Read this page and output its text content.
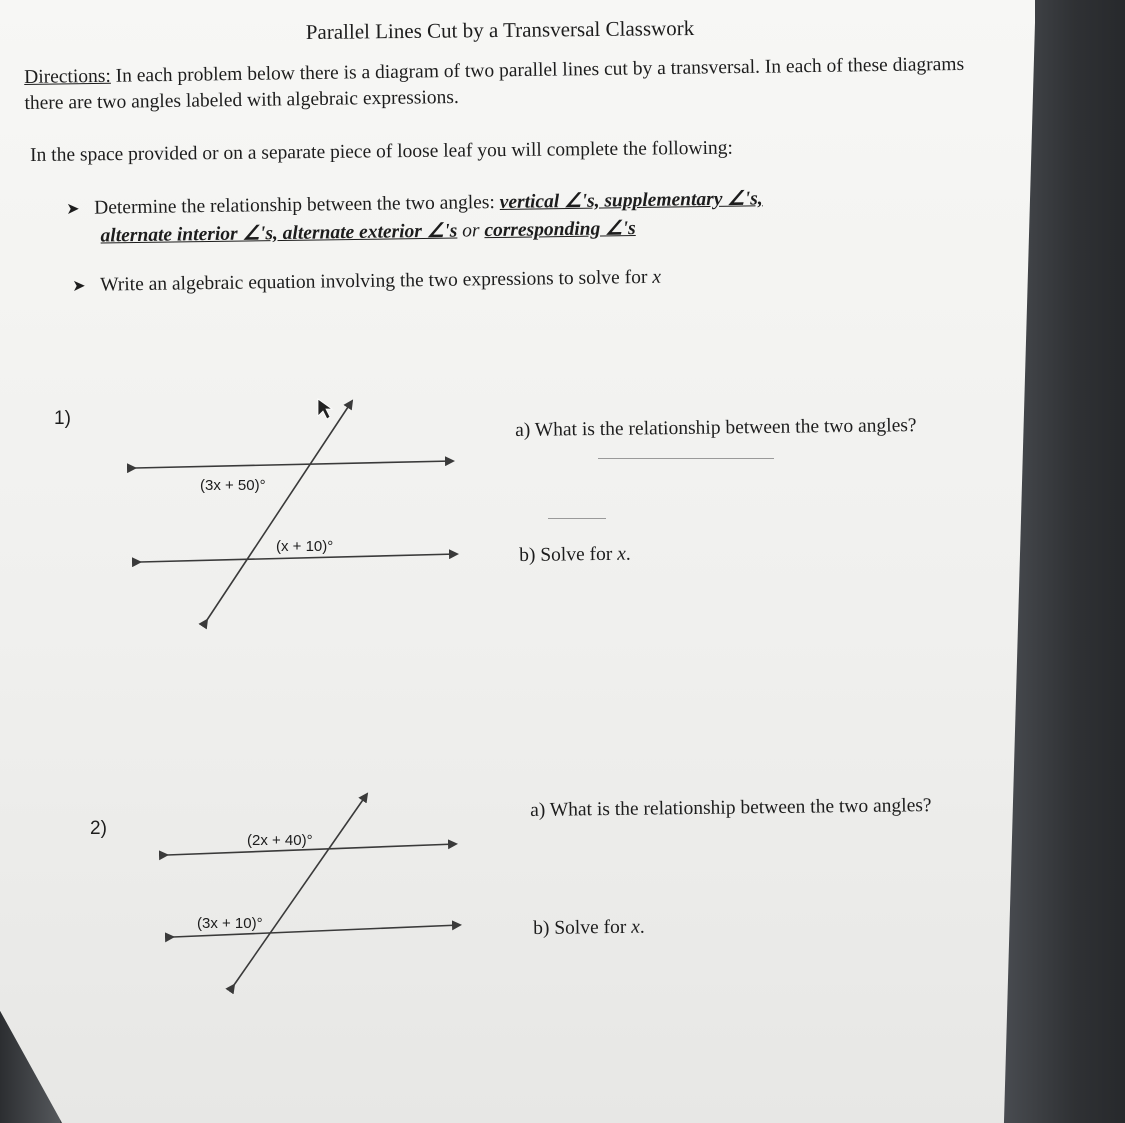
Parallel Lines Cut by a Transversal Classwork
Directions: In each problem below there is a diagram of two parallel lines cut by a transversal. In each of these diagrams there are two angles labeled with algebraic expressions.
In the space provided or on a separate piece of loose leaf you will complete the following:
➤ Determine the relationship between the two angles: vertical ∠'s, supplementary ∠'s,
alternate interior ∠'s, alternate exterior ∠'s or corresponding ∠'s
➤ Write an algebraic equation involving the two expressions to solve for x
1)	a) What is the relationship between the two angles?
b) Solve for x.
2)
a) What is the relationship between the two angles?
b) Solve for x.
(3x + 50)°
(x + 10)°
(2x + 40)°
(3x + 10)°
